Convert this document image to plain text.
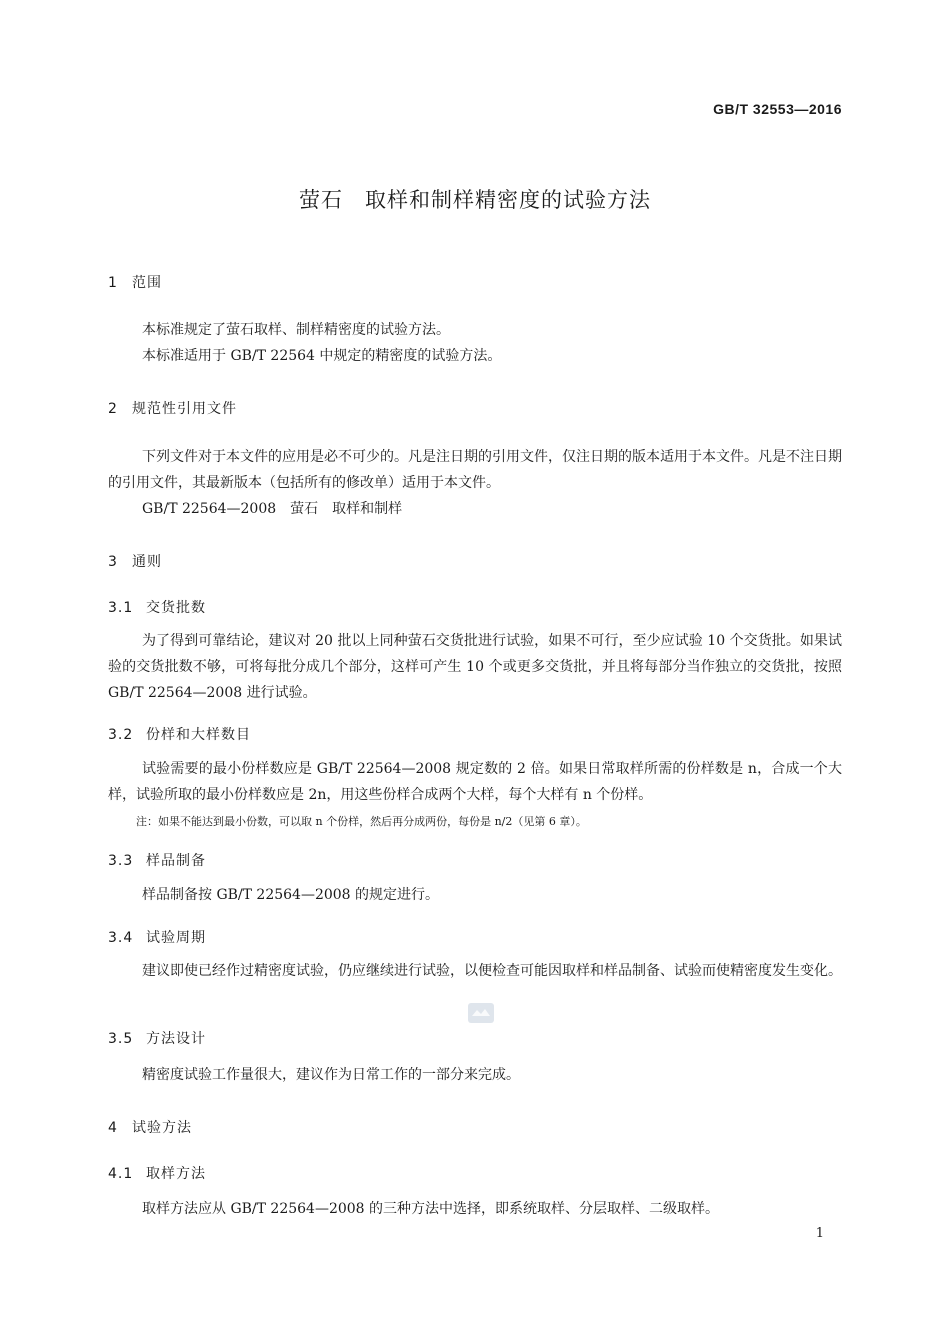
GB/T 32553—2016
萤石　取样和制样精密度的试验方法
1 范围

本标准规定了萤石取样、制样精密度的试验方法。

本标准适用于 GB/T 22564 中规定的精密度的试验方法。

2 规范性引用文件

下列文件对于本文件的应用是必不可少的。凡是注日期的引用文件，仅注日期的版本适用于本文件。凡是不注日期的引用文件，其最新版本（包括所有的修改单）适用于本文件。

GB/T 22564—2008　萤石　取样和制样

3 通则
3.1 交货批数

为了得到可靠结论，建议对 20 批以上同种萤石交货批进行试验，如果不可行，至少应试验 10 个交货批。如果试验的交货批数不够，可将每批分成几个部分，这样可产生 10 个或更多交货批，并且将每部分当作独立的交货批，按照 GB/T 22564—2008 进行试验。

3.2 份样和大样数目

试验需要的最小份样数应是 GB/T 22564—2008 规定数的 2 倍。如果日常取样所需的份样数是 n，合成一个大样，试验所取的最小份样数应是 2n，用这些份样合成两个大样，每个大样有 n 个份样。

注：如果不能达到最小份数，可以取 n 个份样，然后再分成两份，每份是 n/2（见第 6 章）。
3.3 样品制备

样品制备按 GB/T 22564—2008 的规定进行。

3.4 试验周期

建议即使已经作过精密度试验，仍应继续进行试验，以便检查可能因取样和样品制备、试验而使精密度发生变化。

3.5 方法设计

精密度试验工作量很大，建议作为日常工作的一部分来完成。

4 试验方法
4.1 取样方法

取样方法应从 GB/T 22564—2008 的三种方法中选择，即系统取样、分层取样、二级取样。

1
